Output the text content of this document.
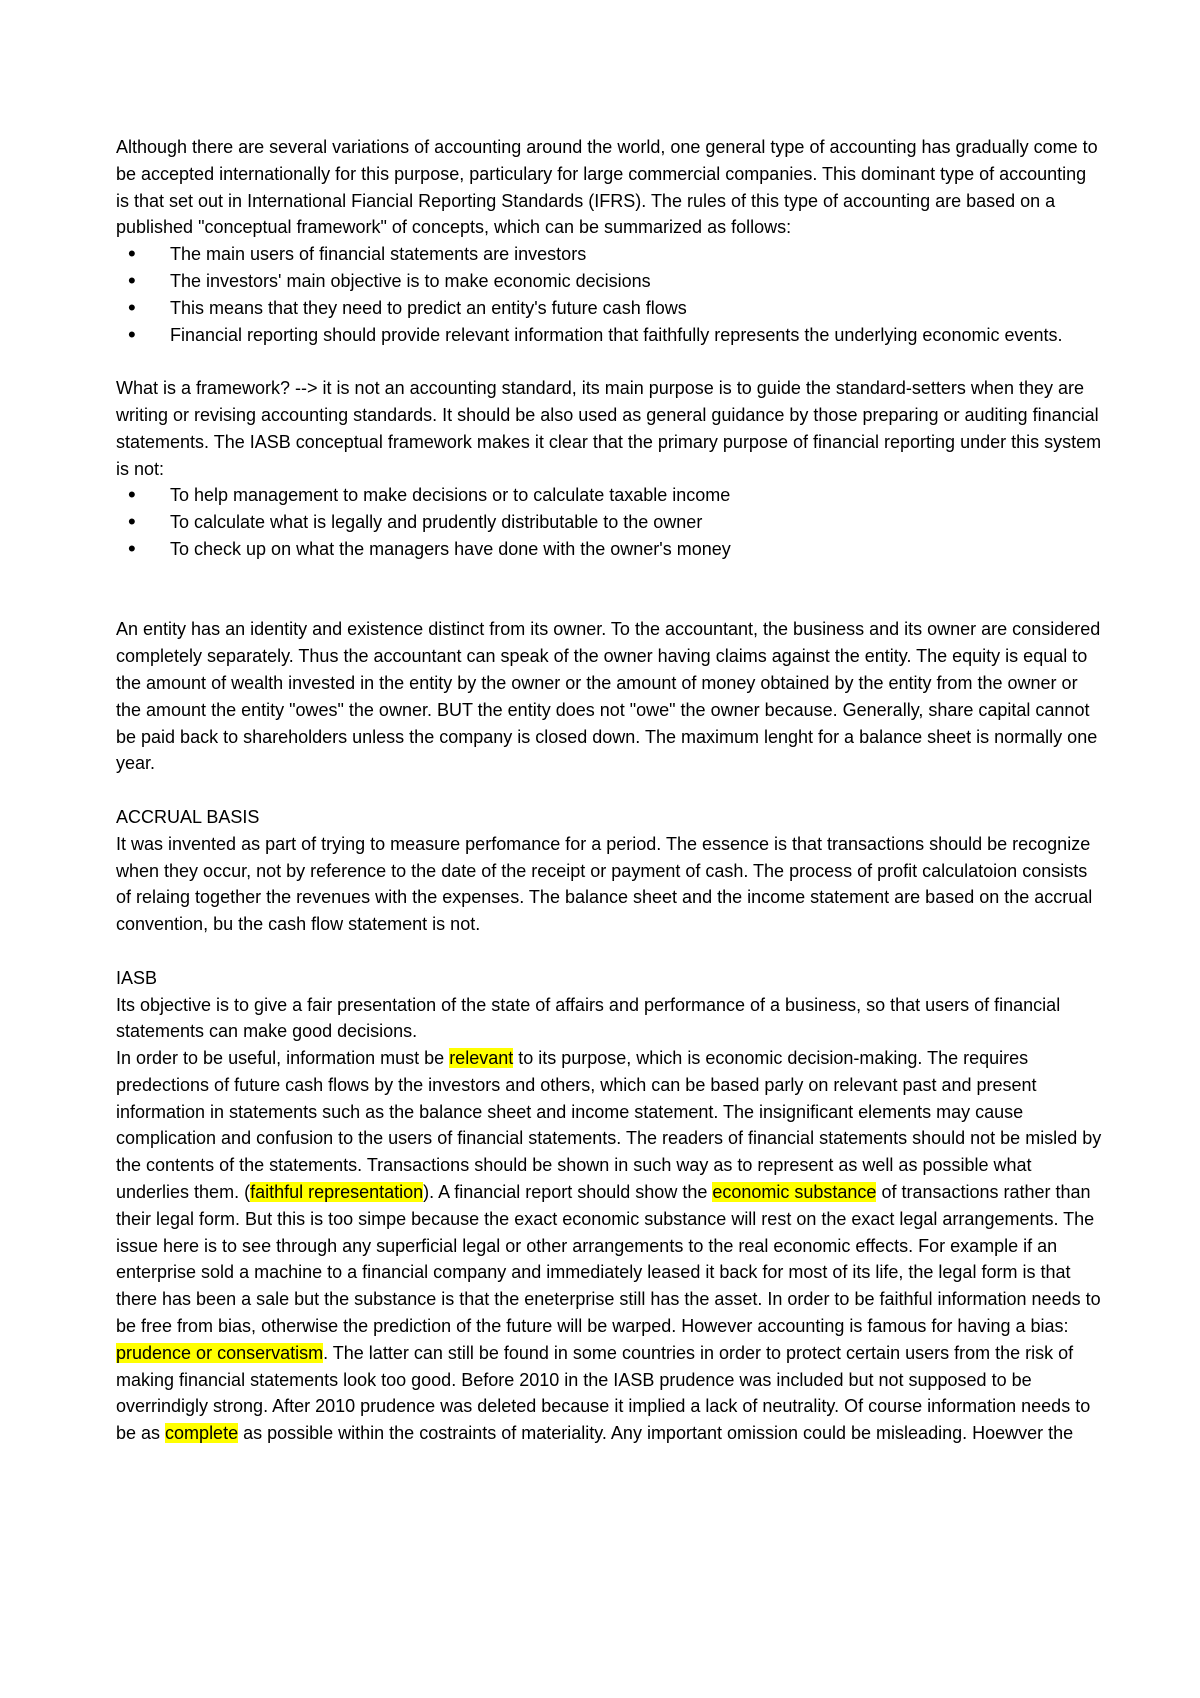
Although there are several variations of accounting around the world, one general type of accounting has gradually come to be accepted internationally for this purpose, particulary for large commercial companies. This dominant type of accounting is that set out in International Fiancial Reporting Standards (IFRS). The rules of this type of accounting are based on a published "conceptual framework" of concepts, which can be summarized as follows:

• The main users of financial statements are investors
• The investors' main objective is to make economic decisions
• This means that they need to predict an entity's future cash flows
• Financial reporting should provide relevant information that faithfully represents the underlying economic events.

What is a framework? --> it is not an accounting standard, its main purpose is to guide the standard-setters when they are writing or revising accounting standards. It should be also used as general guidance by those preparing or auditing financial statements. The IASB conceptual framework makes it clear that the primary purpose of financial reporting under this system is not:

• To help management to make decisions or to calculate taxable income
• To calculate what is legally and prudently distributable to the owner
• To check up on what the managers have done with the owner's money

An entity has an identity and existence distinct from its owner. To the accountant, the business and its owner are considered completely separately. Thus the accountant can speak of the owner having claims against the entity. The equity is equal to the amount of wealth invested in the entity by the owner or the amount of money obtained by the entity from the owner or the amount the entity "owes" the owner. BUT the entity does not "owe" the owner because. Generally, share capital cannot be paid back to shareholders unless the company is closed down. The maximum lenght for a balance sheet is normally one year.

ACCRUAL BASIS

It was invented as part of trying to measure perfomance for a period. The essence is that transactions should be recognize when they occur, not by reference to the date of the receipt or payment of cash. The process of profit calculatoion consists of relaing together the revenues with the expenses. The balance sheet and the income statement are based on the accrual convention, bu the cash flow statement is not.

IASB

Its objective is to give a fair presentation of the state of affairs and performance of a business, so that users of financial statements can make good decisions.

In order to be useful, information must be relevant to its purpose, which is economic decision-making. The requires predections of future cash flows by the investors and others, which can be based parly on relevant past and present information in statements such as the balance sheet and income statement. The insignificant elements may cause complication and confusion to the users of financial statements. The readers of financial statements should not be misled by the contents of the statements. Transactions should be shown in such way as to represent as well as possible what underlies them. (faithful representation). A financial report should show the economic substance of transactions rather than their legal form. But this is too simpe because the exact economic substance will rest on the exact legal arrangements. The issue here is to see through any superficial legal or other arrangements to the real economic effects. For example if an enterprise sold a machine to a financial company and immediately leased it back for most of its life, the legal form is that there has been a sale but the substance is that the eneterprise still has the asset. In order to be faithful information needs to be free from bias, otherwise the prediction of the future will be warped. However accounting is famous for having a bias: prudence or conservatism. The latter can still be found in some countries in order to protect certain users from the risk of making financial statements look too good. Before 2010 in the IASB prudence was included but not supposed to be overrindigly strong. After 2010 prudence was deleted because it implied a lack of neutrality. Of course information needs to be as complete as possible within the costraints of materiality. Any important omission could be misleading. Hoewver the
